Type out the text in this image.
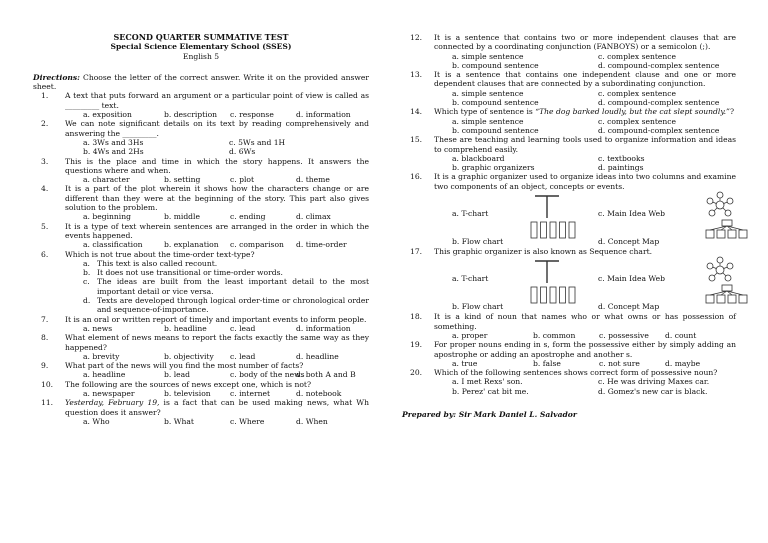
SECOND QUARTER SUMMATIVE TEST
Special Science Elementary School (SSES)
English 5
Directions: Choose the letter of the correct answer. Write it on the provided answer sheet.
1. A text that puts forward an argument or a particular point of view is called as _________ text.
a. exposition	b. description	c. response	d. information
2. We can note significant details on its text by reading comprehensively and answering the _________.
a. 3Ws and 3Hs	c. 5Ws and 1H
b. 4Ws and 2Hs	d. 6Ws
3. This is the place and time in which the story happens. It answers the questions where and when.
a. character	b. setting	c. plot	d. theme
4. It is a part of the plot wherein it shows how the characters change or are different than they were at the beginning of the story. This part also gives solution to the problem.
a. beginning	b. middle	c. ending	d. climax
5. It is a type of text wherein sentences are arranged in the order in which the events happened.
a. classification	b. explanation	c. comparison	d. time-order
6. Which is not true about the time-order text-type?
a. This text is also called recount.
b. It does not use transitional or time-order words.
c. The ideas are built from the least important detail to the most important detail or vice versa.
d. Texts are developed through logical order-time or chronological order and sequence-of-importance.
7. It is an oral or written report of timely and important events to inform people.
a. news	b. headline	c. lead	d. information
8. What element of news means to report the facts exactly the same way as they happened?
a. brevity	b. objectivity	c. lead	d. headline
9. What part of the news will you find the most number of facts?
a. headline	b. lead	c. body of the news
d. both A and B
10. The following are the sources of news except one, which is not?
a. newspaper	b. television	c. internet	d. notebook
11. Yesterday, February 19, is a fact that can be used making news, what Wh question does it answer?
a. Who	b. What	c. Where	d. When
12. It is a sentence that contains two or more independent clauses that are connected by a coordinating conjunction (FANBOYS) or a semicolon (;).
a. simple sentence	c. complex sentence
b. compound sentence	d. compound-complex sentence
13. It is a sentence that contains one independent clause and one or more dependent clauses that are connected by a subordinating conjunction.
a. simple sentence	c. complex sentence
b. compound sentence	d. compound-complex sentence
14. Which type of sentence is “The dog barked loudly, but the cat slept soundly.”?
a. simple sentence	c. complex sentence
b. compound sentence	d. compound-complex sentence
15. These are teaching and learning tools used to organize information and ideas to comprehend easily.
a. blackboard	c. textbooks
b. graphic organizers	d. paintings
16. It is a graphic organizer used to organize ideas into two columns and examine two components of an object, concepts or events.
a. T-chart	c. Main Idea Web
b. Flow chart	d. Concept Map
17. This graphic organizer is also known as Sequence chart.
a. T-chart	c. Main Idea Web
b. Flow chart	d. Concept Map
18. It is a kind of noun that names who or what owns or has possession of something.
a. proper	b. common	c. possessive	d. count
19. For proper nouns ending in s, form the possessive either by simply adding an apostrophe or adding an apostrophe and another s.
a. true	b. false	c. not sure	d. maybe
20. Which of the following sentences shows correct form of possessive noun?
a. I met Rexs' son.	c. He was driving Maxes car.
b. Perez' cat bit me.	d. Gomez's new car is black.
Prepared by: Sir Mark Daniel L. Salvador
